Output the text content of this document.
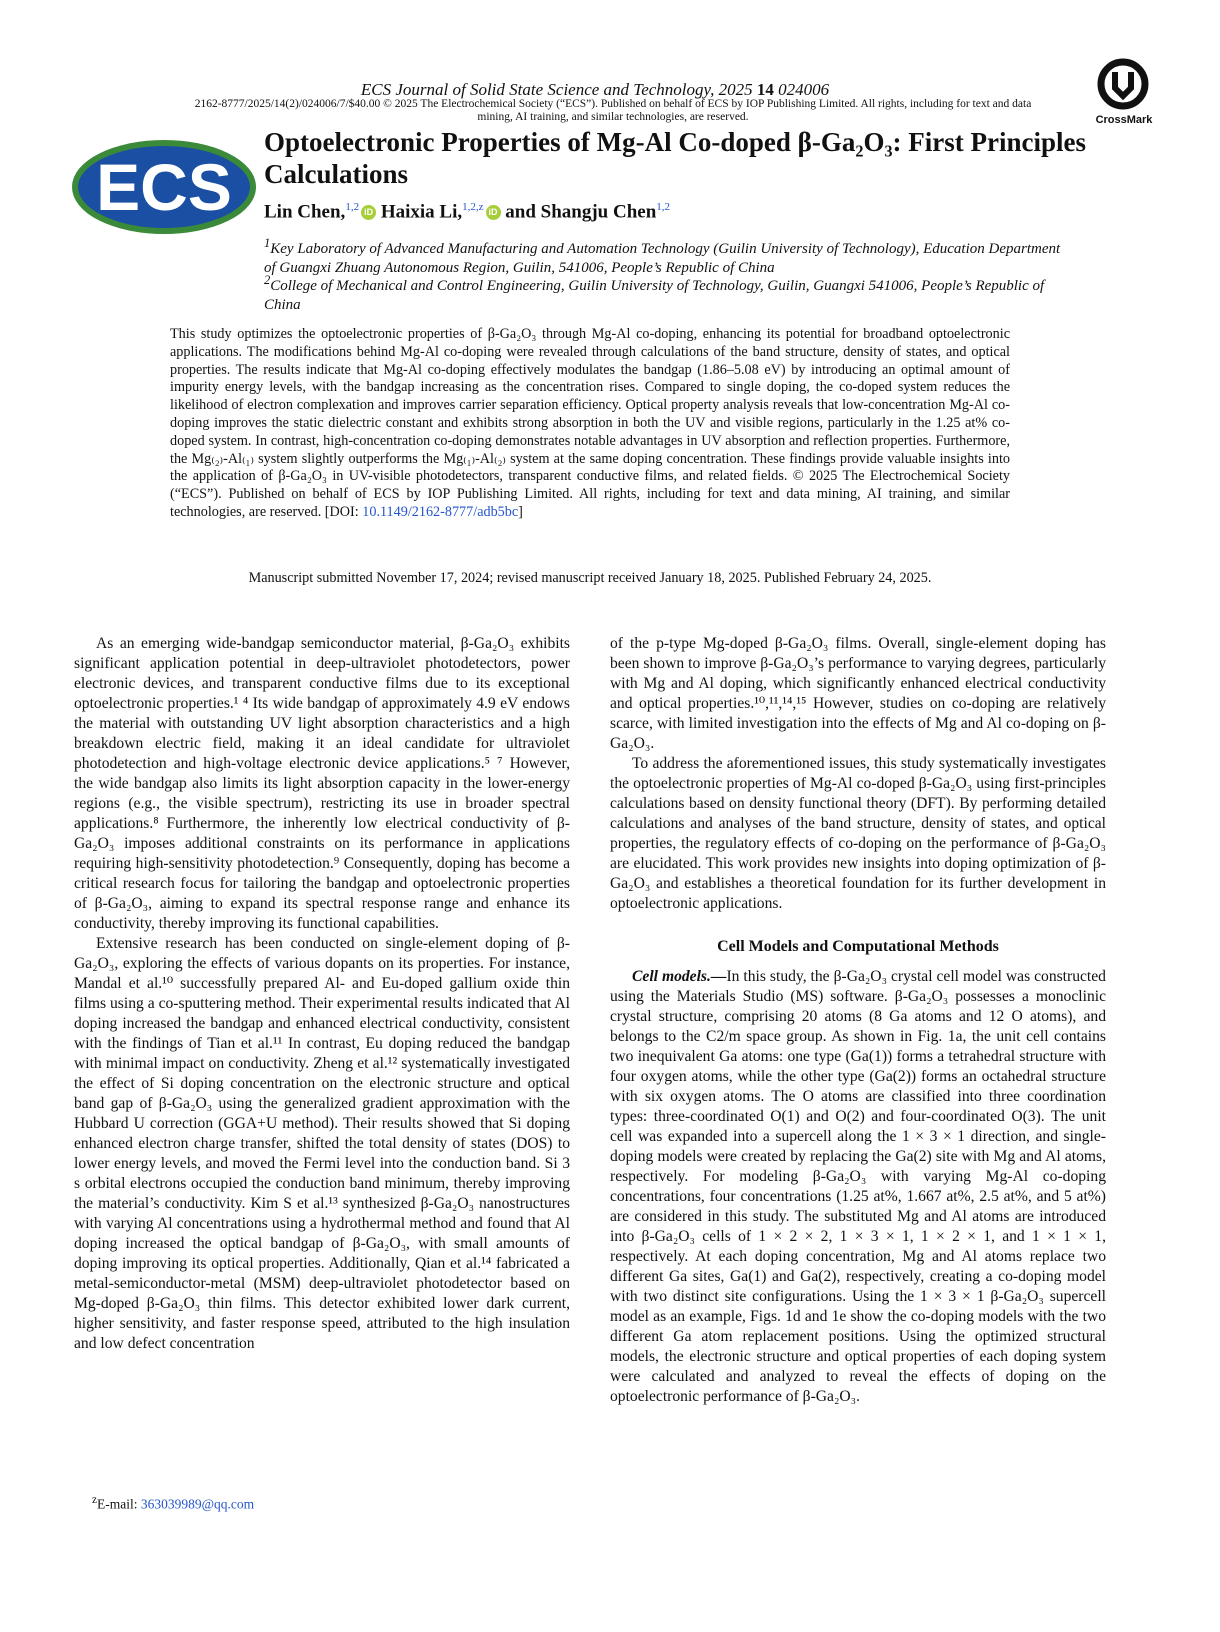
ECS Journal of Solid State Science and Technology, 2025 14 024006
2162-8777/2025/14(2)/024006/7/$40.00 © 2025 The Electrochemical Society (“ECS”). Published on behalf of ECS by IOP Publishing Limited. All rights, including for text and data mining, AI training, and similar technologies, are reserved.	CrossMark
ECS
Optoelectronic Properties of Mg-Al Co-doped β-Ga₂O₃: First Principles Calculations
Lin Chen,$^{1,2}$ iD Haixia Li,$^{1,2,z}$ iD and Shangju Chen$^{1,2}$
$^1$Key Laboratory of Advanced Manufacturing and Automation Technology (Guilin University of Technology), Education Department of Guangxi Zhuang Autonomous Region, Guilin, 541006, People’s Republic of China
$^2$College of Mechanical and Control Engineering, Guilin University of Technology, Guilin, Guangxi 541006, People’s Republic of China
This study optimizes the optoelectronic properties of β-Ga₂O₃ through Mg-Al co-doping, enhancing its potential for broadband optoelectronic applications. The modifications behind Mg-Al co-doping were revealed through calculations of the band structure, density of states, and optical properties. The results indicate that Mg-Al co-doping effectively modulates the bandgap (1.86–5.08 eV) by introducing an optimal amount of impurity energy levels, with the bandgap increasing as the concentration rises. Compared to single doping, the co-doped system reduces the likelihood of electron complexation and improves carrier separation efficiency. Optical property analysis reveals that low-concentration Mg-Al co-doping improves the static dielectric constant and exhibits strong absorption in both the UV and visible regions, particularly in the 1.25 at% co-doped system. In contrast, high-concentration co-doping demonstrates notable advantages in UV absorption and reflection properties. Furthermore, the Mg₍₂₎-Al₍₁₎ system slightly outperforms the Mg₍₁₎-Al₍₂₎ system at the same doping concentration. These findings provide valuable insights into the application of β-Ga₂O₃ in UV-visible photodetectors, transparent conductive films, and related fields. © 2025 The Electrochemical Society (“ECS”). Published on behalf of ECS by IOP Publishing Limited. All rights, including for text and data mining, AI training, and similar technologies, are reserved. [DOI: 10.1149/2162-8777/adb5bc]
Manuscript submitted November 17, 2024; revised manuscript received January 18, 2025. Published February 24, 2025.

As an emerging wide-bandgap semiconductor material, β-Ga₂O₃ exhibits significant application potential in deep-ultraviolet photodetectors, power electronic devices, and transparent conductive films due to its exceptional optoelectronic properties.¹ ⁴ Its wide bandgap of approximately 4.9 eV endows the material with outstanding UV light absorption characteristics and a high breakdown electric field, making it an ideal candidate for ultraviolet photodetection and high-voltage electronic device applications.⁵ ⁷ However, the wide bandgap also limits its light absorption capacity in the lower-energy regions (e.g., the visible spectrum), restricting its use in broader spectral applications.⁸ Furthermore, the inherently low electrical conductivity of β-Ga₂O₃ imposes additional constraints on its performance in applications requiring high-sensitivity photodetection.⁹ Consequently, doping has become a critical research focus for tailoring the bandgap and optoelectronic properties of β-Ga₂O₃, aiming to expand its spectral response range and enhance its conductivity, thereby improving its functional capabilities.

Extensive research has been conducted on single-element doping of β-Ga₂O₃, exploring the effects of various dopants on its properties. For instance, Mandal et al.¹⁰ successfully prepared Al- and Eu-doped gallium oxide thin films using a co-sputtering method. Their experimental results indicated that Al doping increased the bandgap and enhanced electrical conductivity, consistent with the findings of Tian et al.¹¹ In contrast, Eu doping reduced the bandgap with minimal impact on conductivity. Zheng et al.¹² systematically investigated the effect of Si doping concentration on the electronic structure and optical band gap of β-Ga₂O₃ using the generalized gradient approximation with the Hubbard U correction (GGA+U method). Their results showed that Si doping enhanced electron charge transfer, shifted the total density of states (DOS) to lower energy levels, and moved the Fermi level into the conduction band. Si 3 s orbital electrons occupied the conduction band minimum, thereby improving the material’s conductivity. Kim S et al.¹³ synthesized β-Ga₂O₃ nanostructures with varying Al concentrations using a hydrothermal method and found that Al doping increased the optical bandgap of β-Ga₂O₃, with small amounts of doping improving its optical properties. Additionally, Qian et al.¹⁴ fabricated a metal-semiconductor-metal (MSM) deep-ultraviolet photodetector based on Mg-doped β-Ga₂O₃ thin films. This detector exhibited lower dark current, higher sensitivity, and faster response speed, attributed to the high insulation and low defect concentration

of the p-type Mg-doped β-Ga₂O₃ films. Overall, single-element doping has been shown to improve β-Ga₂O₃’s performance to varying degrees, particularly with Mg and Al doping, which significantly enhanced electrical conductivity and optical properties.¹⁰,¹¹,¹⁴,¹⁵ However, studies on co-doping are relatively scarce, with limited investigation into the effects of Mg and Al co-doping on β-Ga₂O₃.

To address the aforementioned issues, this study systematically investigates the optoelectronic properties of Mg-Al co-doped β-Ga₂O₃ using first-principles calculations based on density functional theory (DFT). By performing detailed calculations and analyses of the band structure, density of states, and optical properties, the regulatory effects of co-doping on the performance of β-Ga₂O₃ are elucidated. This work provides new insights into doping optimization of β-Ga₂O₃ and establishes a theoretical foundation for its further development in optoelectronic applications.

Cell Models and Computational Methods

Cell models.—In this study, the β-Ga₂O₃ crystal cell model was constructed using the Materials Studio (MS) software. β-Ga₂O₃ possesses a monoclinic crystal structure, comprising 20 atoms (8 Ga atoms and 12 O atoms), and belongs to the C2/m space group. As shown in Fig. 1a, the unit cell contains two inequivalent Ga atoms: one type (Ga(1)) forms a tetrahedral structure with four oxygen atoms, while the other type (Ga(2)) forms an octahedral structure with six oxygen atoms. The O atoms are classified into three coordination types: three-coordinated O(1) and O(2) and four-coordinated O(3). The unit cell was expanded into a supercell along the 1 × 3 × 1 direction, and single-doping models were created by replacing the Ga(2) site with Mg and Al atoms, respectively. For modeling β-Ga₂O₃ with varying Mg-Al co-doping concentrations, four concentrations (1.25 at%, 1.667 at%, 2.5 at%, and 5 at%) are considered in this study. The substituted Mg and Al atoms are introduced into β-Ga₂O₃ cells of 1 × 2 × 2, 1 × 3 × 1, 1 × 2 × 1, and 1 × 1 × 1, respectively. At each doping concentration, Mg and Al atoms replace two different Ga sites, Ga(1) and Ga(2), respectively, creating a co-doping model with two distinct site configurations. Using the 1 × 3 × 1 β-Ga₂O₃ supercell model as an example, Figs. 1d and 1e show the co-doping models with the two different Ga atom replacement positions. Using the optimized structural models, the electronic structure and optical properties of each doping system were calculated and analyzed to reveal the effects of doping on the optoelectronic performance of β-Ga₂O₃.

$^z$E-mail: 363039989@qq.com
